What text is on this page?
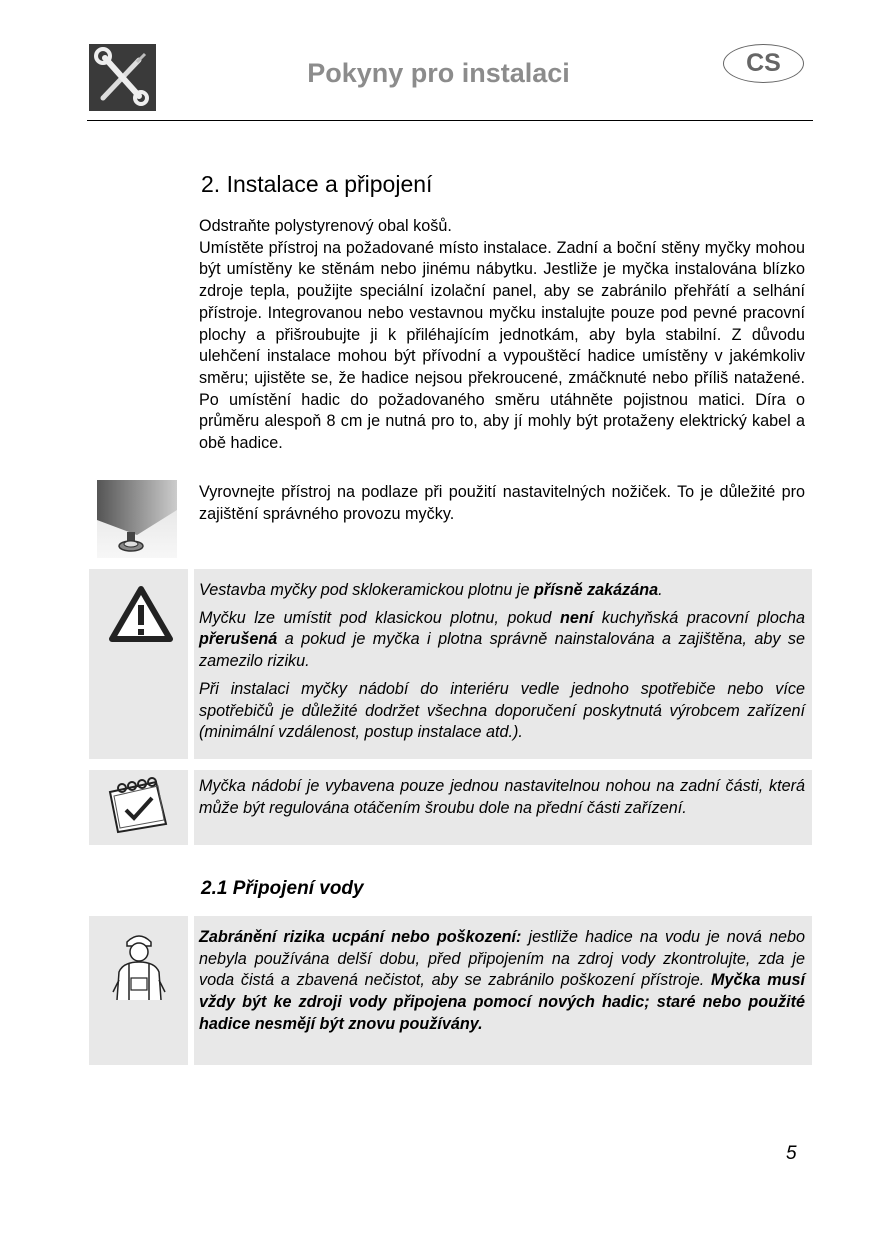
Pokyny pro instalaci	CS
2. Instalace a připojení

Odstraňte polystyrenový obal košů.

Umístěte přístroj na požadované místo instalace. Zadní a boční stěny myčky mohou být umístěny ke stěnám nebo jinému nábytku. Jestliže je myčka instalována blízko zdroje tepla, použijte speciální izolační panel, aby se zabránilo přehřátí a selhání přístroje. Integrovanou nebo vestavnou myčku instalujte pouze pod pevné pracovní plochy a přišroubujte ji k přiléhajícím jednotkám, aby byla stabilní. Z důvodu ulehčení instalace mohou být přívodní a vypouštěcí hadice umístěny v jakémkoliv směru; ujistěte se, že hadice nejsou překroucené, zmáčknuté nebo příliš natažené. Po umístění hadic do požadovaného směru utáhněte pojistnou matici. Díra o průměru alespoň 8 cm je nutná pro to, aby jí mohly být protaženy elektrický kabel a obě hadice.

Vyrovnejte přístroj na podlaze při použití nastavitelných nožiček. To je důležité pro zajištění správného provozu myčky.

Vestavba myčky pod sklokeramickou plotnu je přísně zakázána.

Myčku lze umístit pod klasickou plotnu, pokud není kuchyňská pracovní plocha přerušená a pokud je myčka i plotna správně nainstalována a zajištěna, aby se zamezilo riziku.

Při instalaci myčky nádobí do interiéru vedle jednoho spotřebiče nebo více spotřebičů je důležité dodržet všechna doporučení poskytnutá výrobcem zařízení (minimální vzdálenost, postup instalace atd.).

Myčka nádobí je vybavena pouze jednou nastavitelnou nohou na zadní části, která může být regulována otáčením šroubu dole na přední části zařízení.
2.1 Připojení vody

Zabránění rizika ucpání nebo poškození: jestliže hadice na vodu je nová nebo nebyla používána delší dobu, před připojením na zdroj vody zkontrolujte, zda je voda čistá a zbavená nečistot, aby se zabránilo poškození přístroje. Myčka musí vždy být ke zdroji vody připojena pomocí nových hadic; staré nebo použité hadice nesmějí být znovu používány.

5
